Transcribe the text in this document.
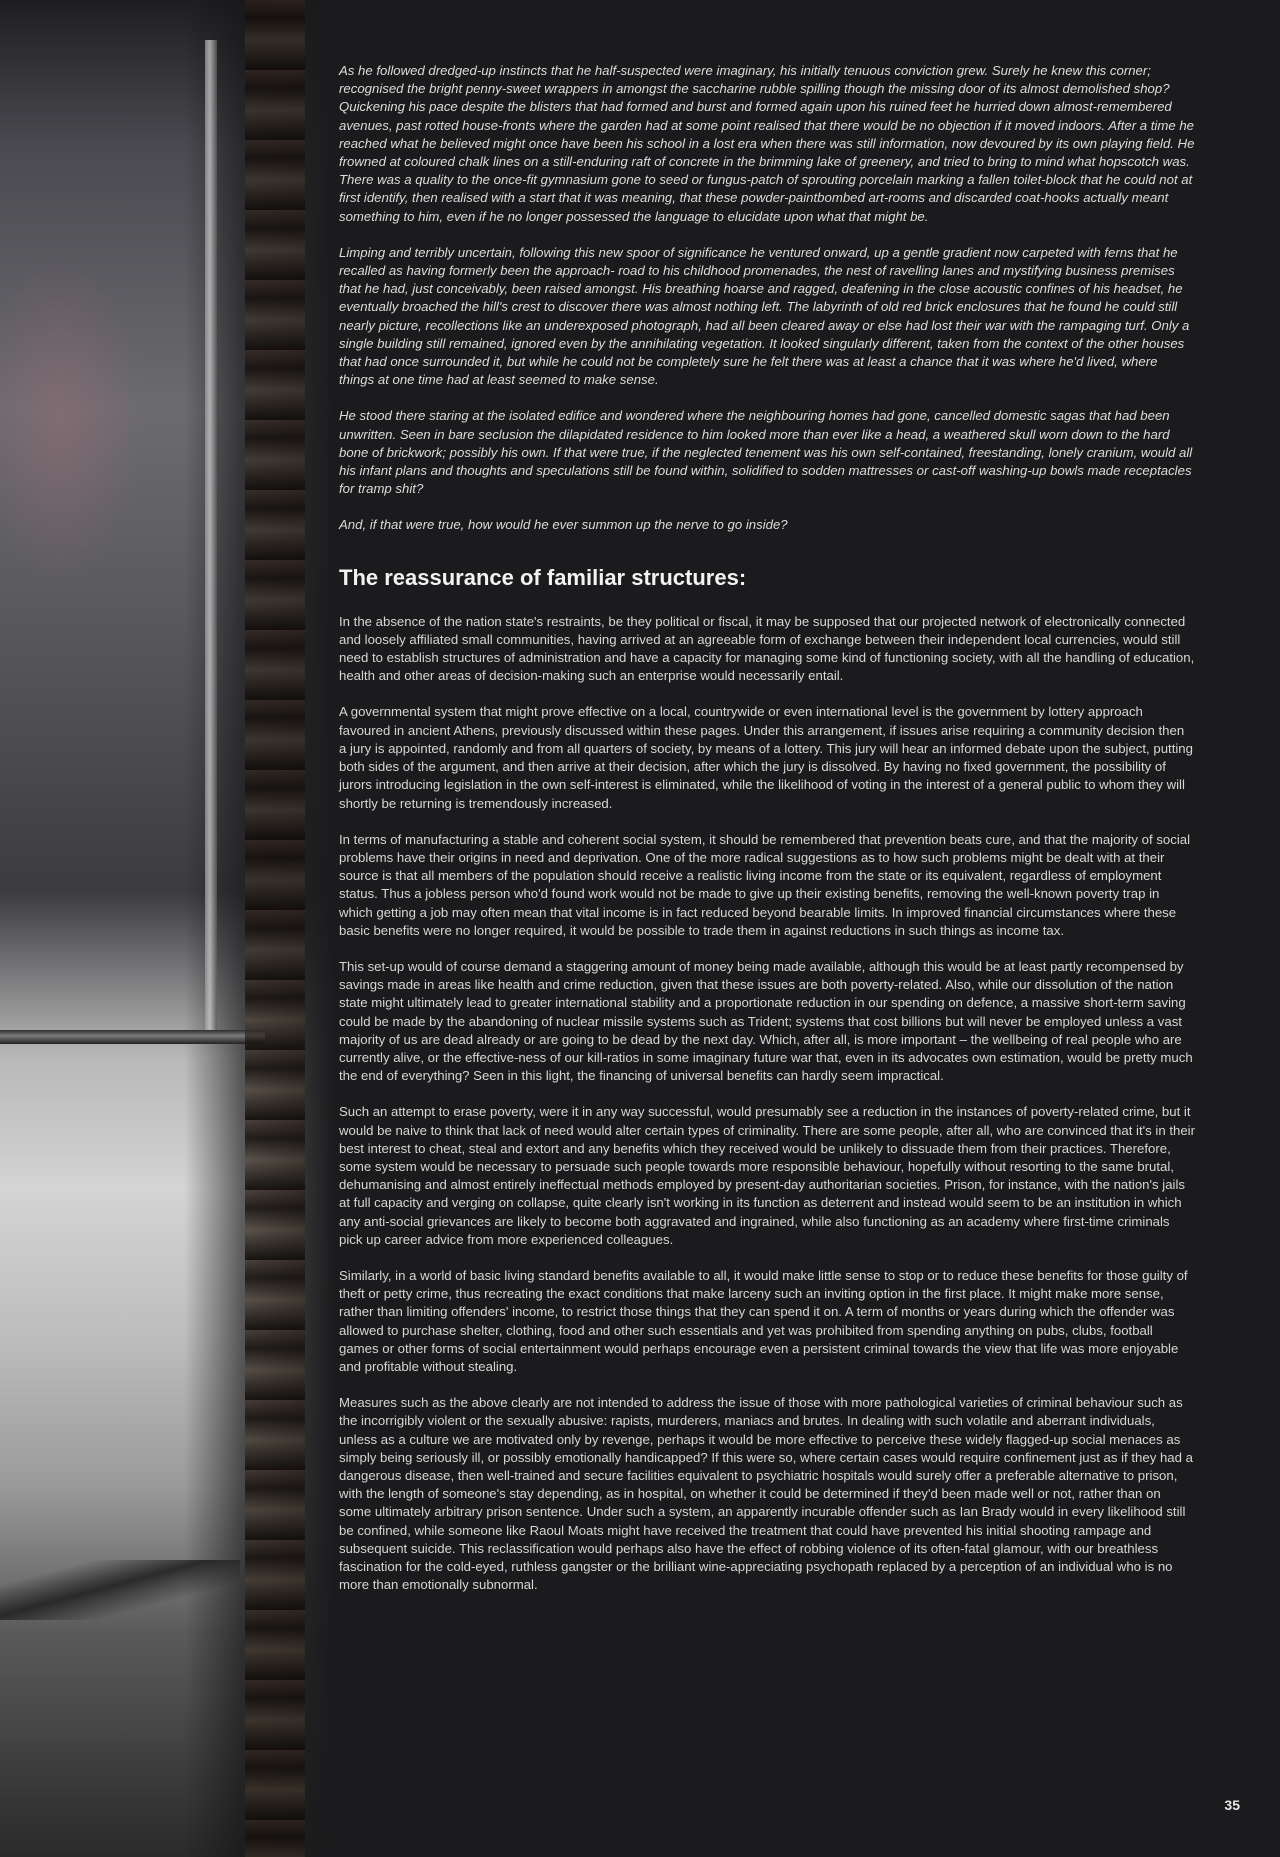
As he followed dredged-up instincts that he half-suspected were imaginary, his initially tenuous conviction grew. Surely he knew this corner; recognised the bright penny-sweet wrappers in amongst the saccharine rubble spilling though the missing door of its almost demolished shop? Quickening his pace despite the blisters that had formed and burst and formed again upon his ruined feet he hurried down almost-remembered avenues, past rotted house-fronts where the garden had at some point realised that there would be no objection if it moved indoors. After a time he reached what he believed might once have been his school in a lost era when there was still information, now devoured by its own playing field. He frowned at coloured chalk lines on a still-enduring raft of concrete in the brimming lake of greenery, and tried to bring to mind what hopscotch was. There was a quality to the once-fit gymnasium gone to seed or fungus-patch of sprouting porcelain marking a fallen toilet-block that he could not at first identify, then realised with a start that it was meaning, that these powder-paintbombed art-rooms and discarded coat-hooks actually meant something to him, even if he no longer possessed the language to elucidate upon what that might be.

Limping and terribly uncertain, following this new spoor of significance he ventured onward, up a gentle gradient now carpeted with ferns that he recalled as having formerly been the approach- road to his childhood promenades, the nest of ravelling lanes and mystifying business premises that he had, just conceivably, been raised amongst. His breathing hoarse and ragged, deafening in the close acoustic confines of his headset, he eventually broached the hill's crest to discover there was almost nothing left. The labyrinth of old red brick enclosures that he found he could still nearly picture, recollections like an underexposed photograph, had all been cleared away or else had lost their war with the rampaging turf. Only a single building still remained, ignored even by the annihilating vegetation. It looked singularly different, taken from the context of the other houses that had once surrounded it, but while he could not be completely sure he felt there was at least a chance that it was where he'd lived, where things at one time had at least seemed to make sense.

He stood there staring at the isolated edifice and wondered where the neighbouring homes had gone, cancelled domestic sagas that had been unwritten. Seen in bare seclusion the dilapidated residence to him looked more than ever like a head, a weathered skull worn down to the hard bone of brickwork; possibly his own. If that were true, if the neglected tenement was his own self-contained, freestanding, lonely cranium, would all his infant plans and thoughts and speculations still be found within, solidified to sodden mattresses or cast-off washing-up bowls made receptacles for tramp shit?

And, if that were true, how would he ever summon up the nerve to go inside?

The reassurance of familiar structures:

In the absence of the nation state's restraints, be they political or fiscal, it may be supposed that our projected network of electronically connected and loosely affiliated small communities, having arrived at an agreeable form of exchange between their independent local currencies, would still need to establish structures of administration and have a capacity for managing some kind of functioning society, with all the handling of education, health and other areas of decision-making such an enterprise would necessarily entail.

A governmental system that might prove effective on a local, countrywide or even international level is the government by lottery approach favoured in ancient Athens, previously discussed within these pages. Under this arrangement, if issues arise requiring a community decision then a jury is appointed, randomly and from all quarters of society, by means of a lottery. This jury will hear an informed debate upon the subject, putting both sides of the argument, and then arrive at their decision, after which the jury is dissolved. By having no fixed government, the possibility of jurors introducing legislation in the own self-interest is eliminated, while the likelihood of voting in the interest of a general public to whom they will shortly be returning is tremendously increased.

In terms of manufacturing a stable and coherent social system, it should be remembered that prevention beats cure, and that the majority of social problems have their origins in need and deprivation. One of the more radical suggestions as to how such problems might be dealt with at their source is that all members of the population should receive a realistic living income from the state or its equivalent, regardless of employment status. Thus a jobless person who'd found work would not be made to give up their existing benefits, removing the well-known poverty trap in which getting a job may often mean that vital income is in fact reduced beyond bearable limits. In improved financial circumstances where these basic benefits were no longer required, it would be possible to trade them in against reductions in such things as income tax.

This set-up would of course demand a staggering amount of money being made available, although this would be at least partly recompensed by savings made in areas like health and crime reduction, given that these issues are both poverty-related. Also, while our dissolution of the nation state might ultimately lead to greater international stability and a proportionate reduction in our spending on defence, a massive short-term saving could be made by the abandoning of nuclear missile systems such as Trident; systems that cost billions but will never be employed unless a vast majority of us are dead already or are going to be dead by the next day. Which, after all, is more important – the wellbeing of real people who are currently alive, or the effective-ness of our kill-ratios in some imaginary future war that, even in its advocates own estimation, would be pretty much the end of everything? Seen in this light, the financing of universal benefits can hardly seem impractical.

Such an attempt to erase poverty, were it in any way successful, would presumably see a reduction in the instances of poverty-related crime, but it would be naive to think that lack of need would alter certain types of criminality. There are some people, after all, who are convinced that it's in their best interest to cheat, steal and extort and any benefits which they received would be unlikely to dissuade them from their practices. Therefore, some system would be necessary to persuade such people towards more responsible behaviour, hopefully without resorting to the same brutal, dehumanising and almost entirely ineffectual methods employed by present-day authoritarian societies. Prison, for instance, with the nation's jails at full capacity and verging on collapse, quite clearly isn't working in its function as deterrent and instead would seem to be an institution in which any anti-social grievances are likely to become both aggravated and ingrained, while also functioning as an academy where first-time criminals pick up career advice from more experienced colleagues.

Similarly, in a world of basic living standard benefits available to all, it would make little sense to stop or to reduce these benefits for those guilty of theft or petty crime, thus recreating the exact conditions that make larceny such an inviting option in the first place. It might make more sense, rather than limiting offenders' income, to restrict those things that they can spend it on. A term of months or years during which the offender was allowed to purchase shelter, clothing, food and other such essentials and yet was prohibited from spending anything on pubs, clubs, football games or other forms of social entertainment would perhaps encourage even a persistent criminal towards the view that life was more enjoyable and profitable without stealing.

Measures such as the above clearly are not intended to address the issue of those with more pathological varieties of criminal behaviour such as the incorrigibly violent or the sexually abusive: rapists, murderers, maniacs and brutes. In dealing with such volatile and aberrant individuals, unless as a culture we are motivated only by revenge, perhaps it would be more effective to perceive these widely flagged-up social menaces as simply being seriously ill, or possibly emotionally handicapped? If this were so, where certain cases would require confinement just as if they had a dangerous disease, then well-trained and secure facilities equivalent to psychiatric hospitals would surely offer a preferable alternative to prison, with the length of someone's stay depending, as in hospital, on whether it could be determined if they'd been made well or not, rather than on some ultimately arbitrary prison sentence. Under such a system, an apparently incurable offender such as Ian Brady would in every likelihood still be confined, while someone like Raoul Moats might have received the treatment that could have prevented his initial shooting rampage and subsequent suicide. This reclassification would perhaps also have the effect of robbing violence of its often-fatal glamour, with our breathless fascination for the cold-eyed, ruthless gangster or the brilliant wine-appreciating psychopath replaced by a perception of an individual who is no more than emotionally subnormal.

35
